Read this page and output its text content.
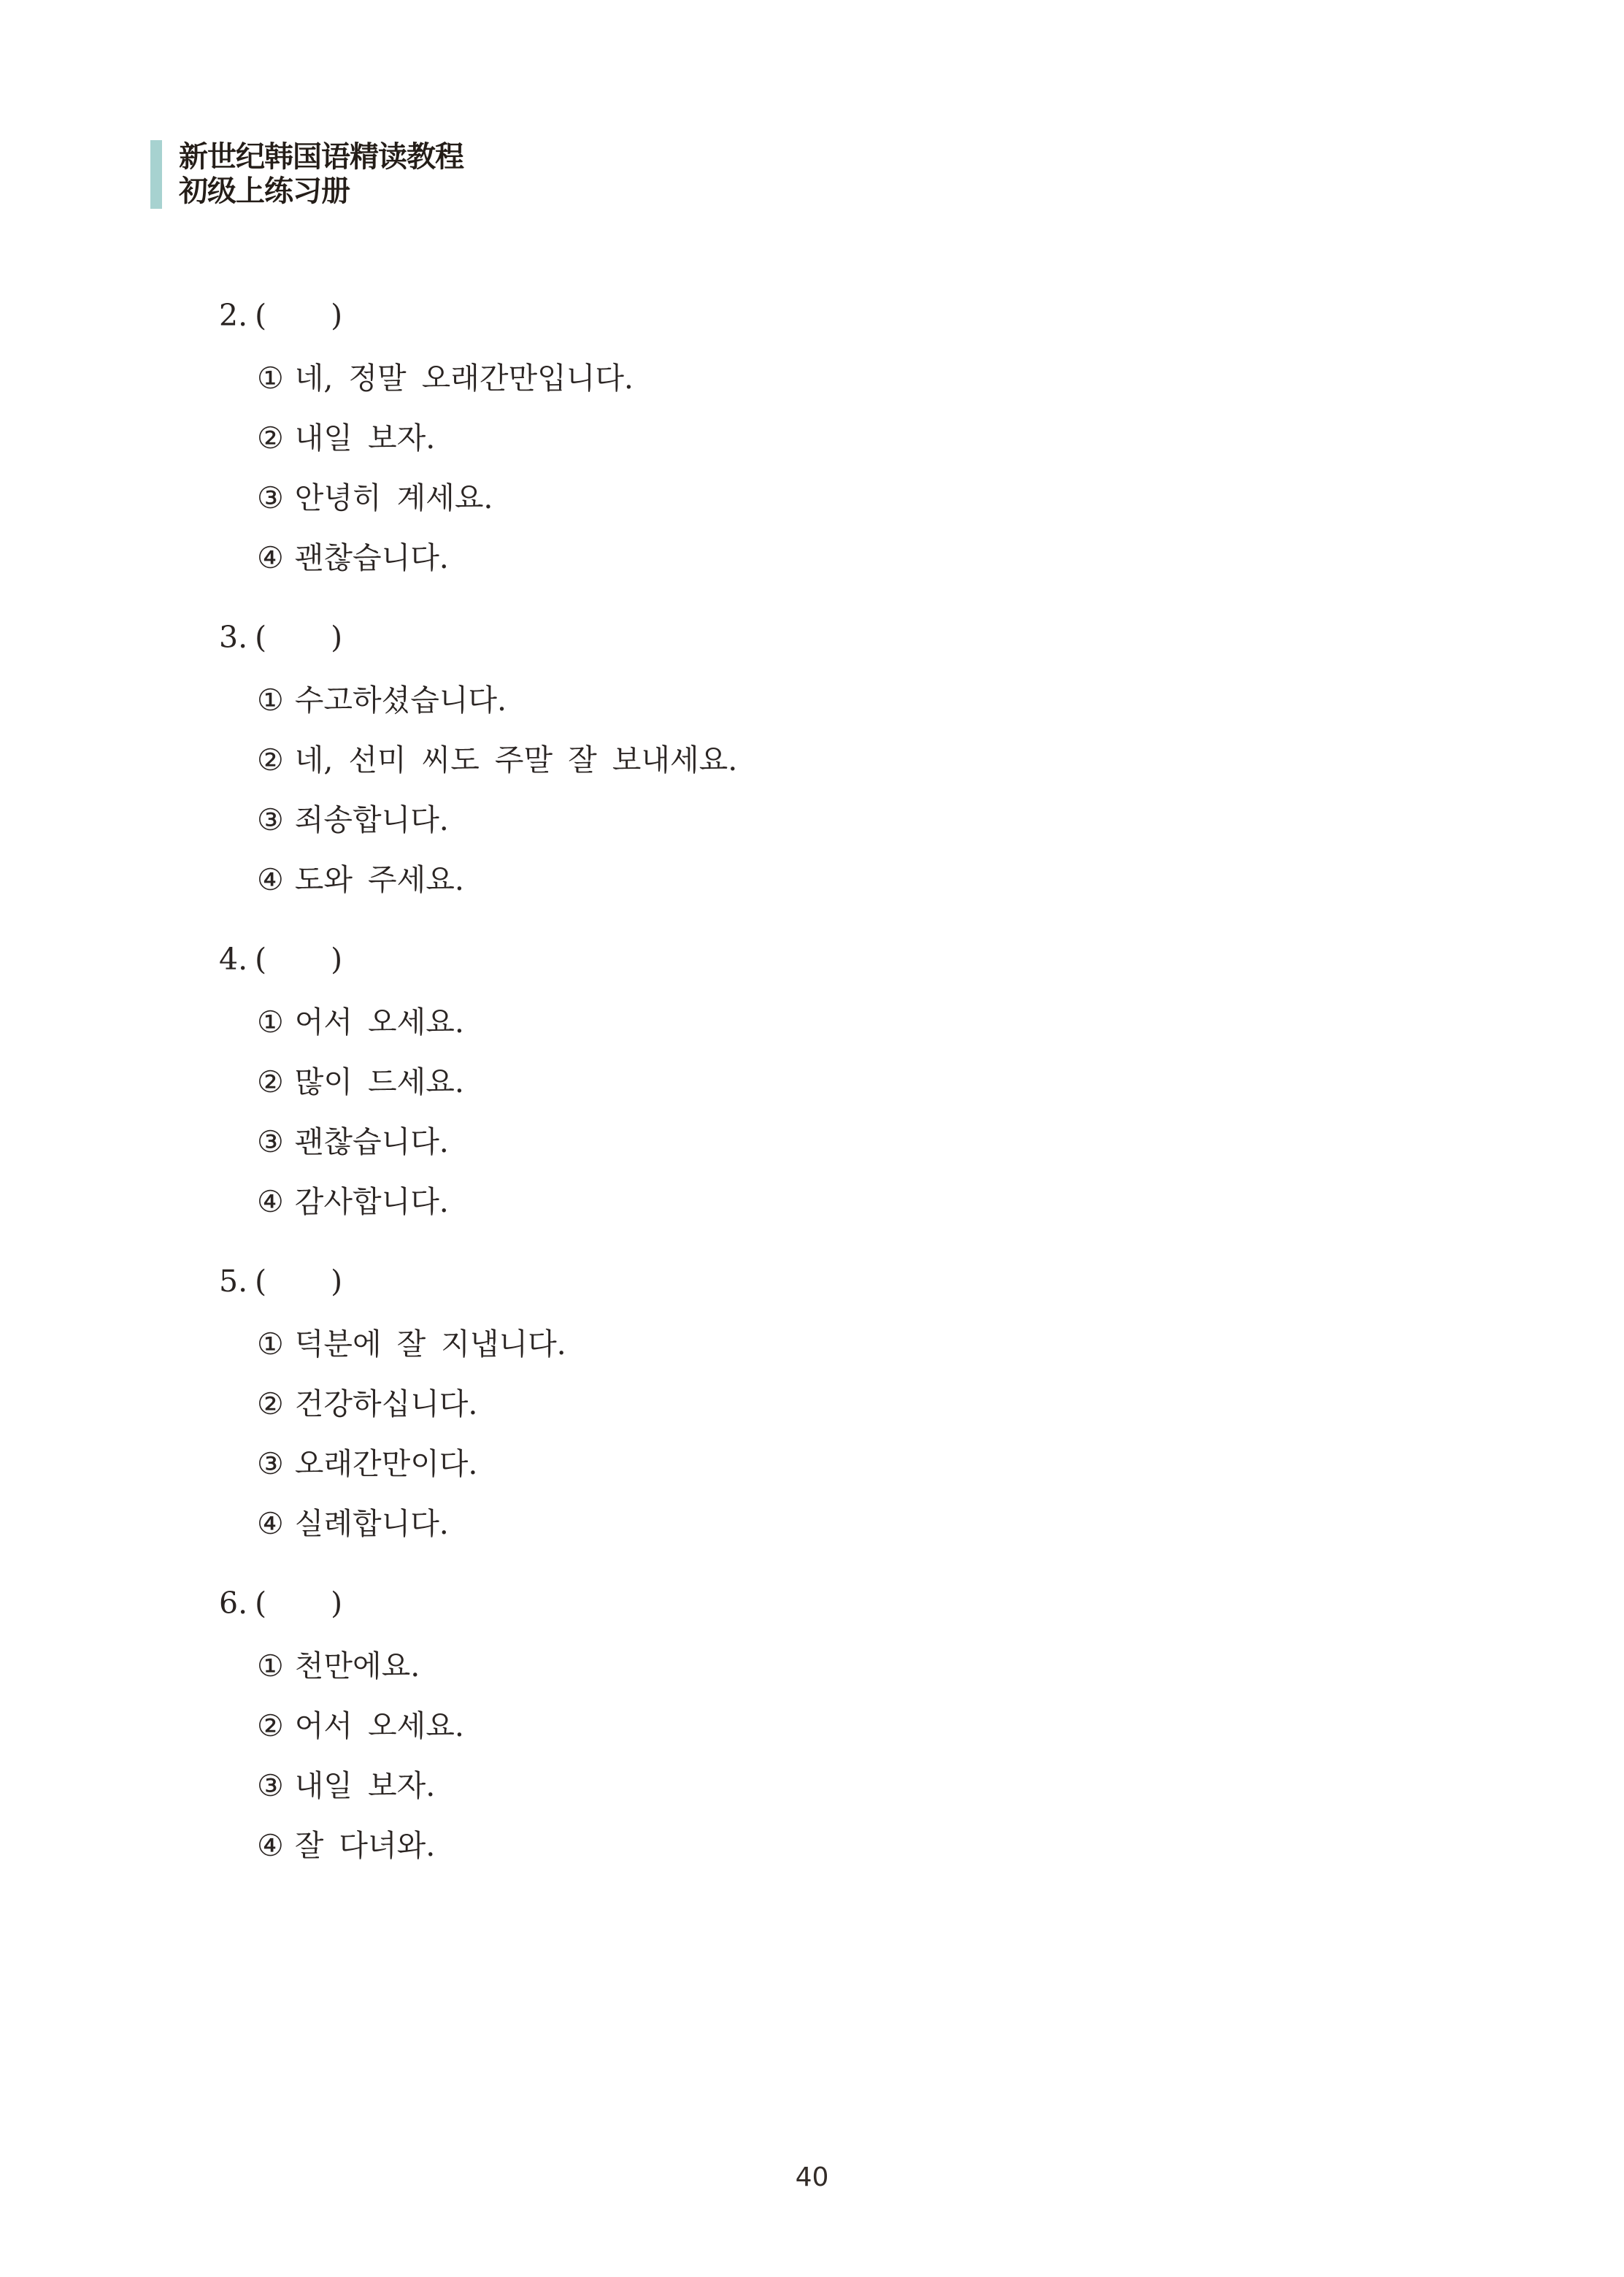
新世纪韩国语精读教程
初级上练习册
2. (  )
① 네, 정말 오래간만입니다.
② 내일 보자.
③ 안녕히 계세요.
④ 괜찮습니다.
3. (  )
① 수고하셨습니다.
② 네, 선미 씨도 주말 잘 보내세요.
③ 죄송합니다.
④ 도와 주세요.
4. (  )
① 어서 오세요.
② 많이 드세요.
③ 괜찮습니다.
④ 감사합니다.
5. (  )
① 덕분에 잘 지냅니다.
② 건강하십니다.
③ 오래간만이다.
④ 실례합니다.
6. (  )
① 천만에요.
② 어서 오세요.
③ 내일 보자.
④ 잘 다녀와.
40
